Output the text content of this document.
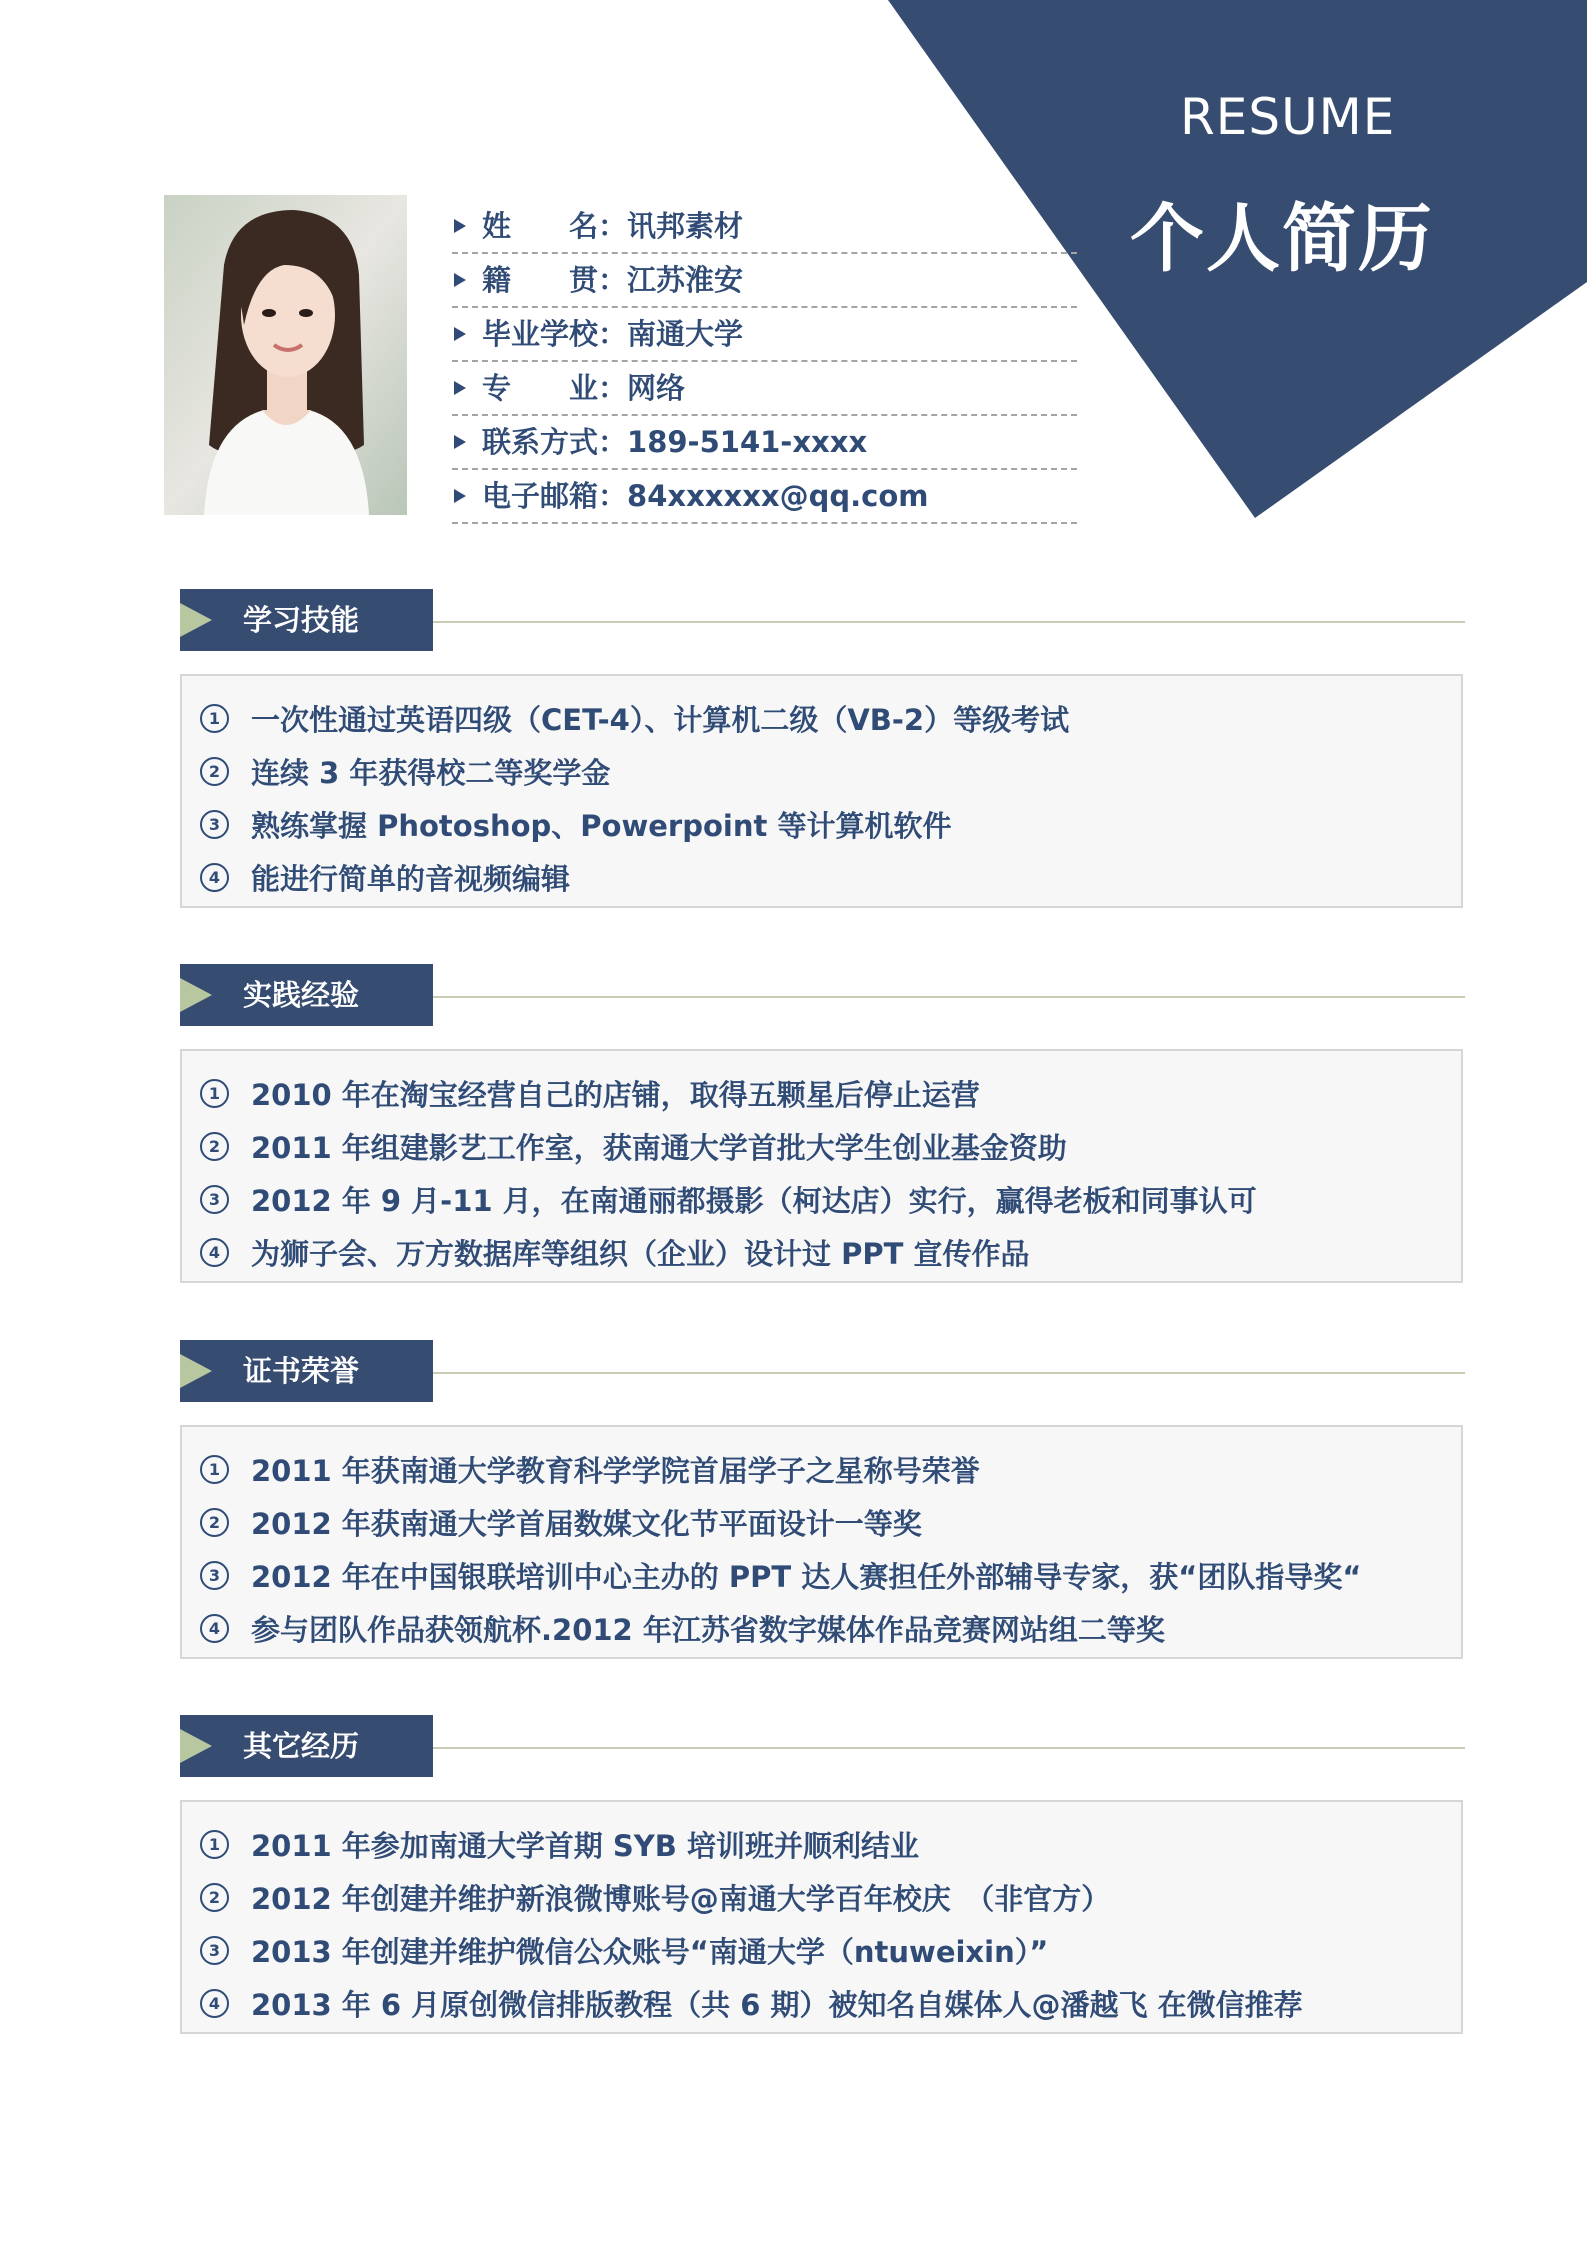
RESUME
个人简历
姓　　名： 讯邦素材
籍　　贯： 江苏淮安
毕业学校： 南通大学
专　　业： 网络
联系方式： 189-5141-xxxx
电子邮箱： 84xxxxxx@qq.com
学习技能
1	一次性通过英语四级（CET-4）、计算机二级（VB-2）等级考试
2	连续 3 年获得校二等奖学金
3	熟练掌握 Photoshop、Powerpoint 等计算机软件
4	能进行简单的音视频编辑
实践经验
1	2010 年在淘宝经营自己的店铺，取得五颗星后停止运营
2	2011 年组建影艺工作室，获南通大学首批大学生创业基金资助
3	2012 年 9 月-11 月，在南通丽都摄影（柯达店）实行，赢得老板和同事认可
4	为狮子会、万方数据库等组织（企业）设计过 PPT 宣传作品
证书荣誉
1	2011 年获南通大学教育科学学院首届学子之星称号荣誉
2	2012 年获南通大学首届数媒文化节平面设计一等奖
3	2012 年在中国银联培训中心主办的 PPT 达人赛担任外部辅导专家，获“团队指导奖“
4	参与团队作品获领航杯.2012 年江苏省数字媒体作品竞赛网站组二等奖
其它经历
1	2011 年参加南通大学首期 SYB 培训班并顺利结业
2	2012 年创建并维护新浪微博账号@南通大学百年校庆　（非官方）
3	2013 年创建并维护微信公众账号“南通大学（ntuweixin）”
4	2013 年 6 月原创微信排版教程（共 6 期）被知名自媒体人@潘越飞 在微信推荐
